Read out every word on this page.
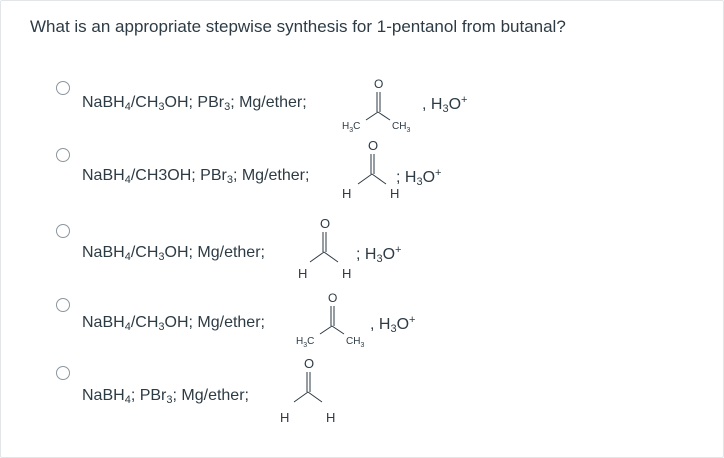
What is an appropriate stepwise synthesis for 1-pentanol from butanal?
$NaBH_4/CH_3OH$; PBr$_3$; Mg/ether;
O
$H_3C$	$CH_3$
, $H_3O^+$
NaBH$_4$/CH3OH; PBr$_3$; Mg/ether;
O
H	H
; $H_3O^+$
$NaBH_4/CH_3OH$; Mg/ether;
O
H	H
; $H_3O^+$
$NaBH_4/CH_3OH$; Mg/ether;
O
$H_3C$	$CH_3$
, $H_3O^+$
NaBH$_4$; PBr$_3$; Mg/ether;
O
H	H
